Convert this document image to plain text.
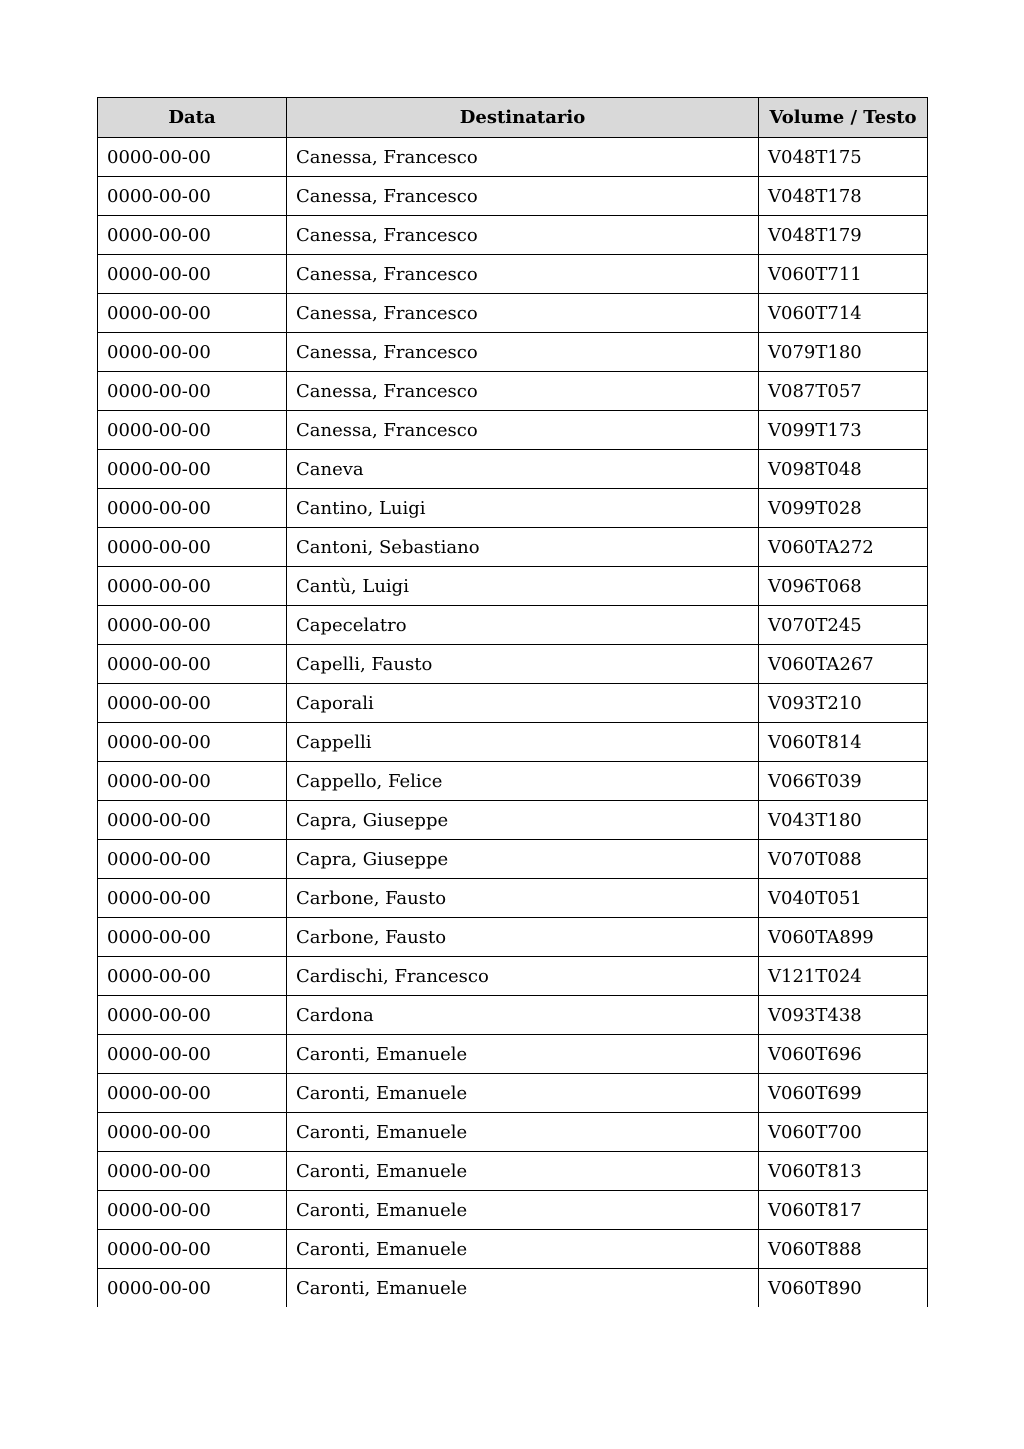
Data	Destinatario	Volume / Testo
0000-00-00	Canessa, Francesco	V048T175
0000-00-00	Canessa, Francesco	V048T178
0000-00-00	Canessa, Francesco	V048T179
0000-00-00	Canessa, Francesco	V060T711
0000-00-00	Canessa, Francesco	V060T714
0000-00-00	Canessa, Francesco	V079T180
0000-00-00	Canessa, Francesco	V087T057
0000-00-00	Canessa, Francesco	V099T173
0000-00-00	Caneva	V098T048
0000-00-00	Cantino, Luigi	V099T028
0000-00-00	Cantoni, Sebastiano	V060TA272
0000-00-00	Cantù, Luigi	V096T068
0000-00-00	Capecelatro	V070T245
0000-00-00	Capelli, Fausto	V060TA267
0000-00-00	Caporali	V093T210
0000-00-00	Cappelli	V060T814
0000-00-00	Cappello, Felice	V066T039
0000-00-00	Capra, Giuseppe	V043T180
0000-00-00	Capra, Giuseppe	V070T088
0000-00-00	Carbone, Fausto	V040T051
0000-00-00	Carbone, Fausto	V060TA899
0000-00-00	Cardischi, Francesco	V121T024
0000-00-00	Cardona	V093T438
0000-00-00	Caronti, Emanuele	V060T696
0000-00-00	Caronti, Emanuele	V060T699
0000-00-00	Caronti, Emanuele	V060T700
0000-00-00	Caronti, Emanuele	V060T813
0000-00-00	Caronti, Emanuele	V060T817
0000-00-00	Caronti, Emanuele	V060T888
0000-00-00	Caronti, Emanuele	V060T890
